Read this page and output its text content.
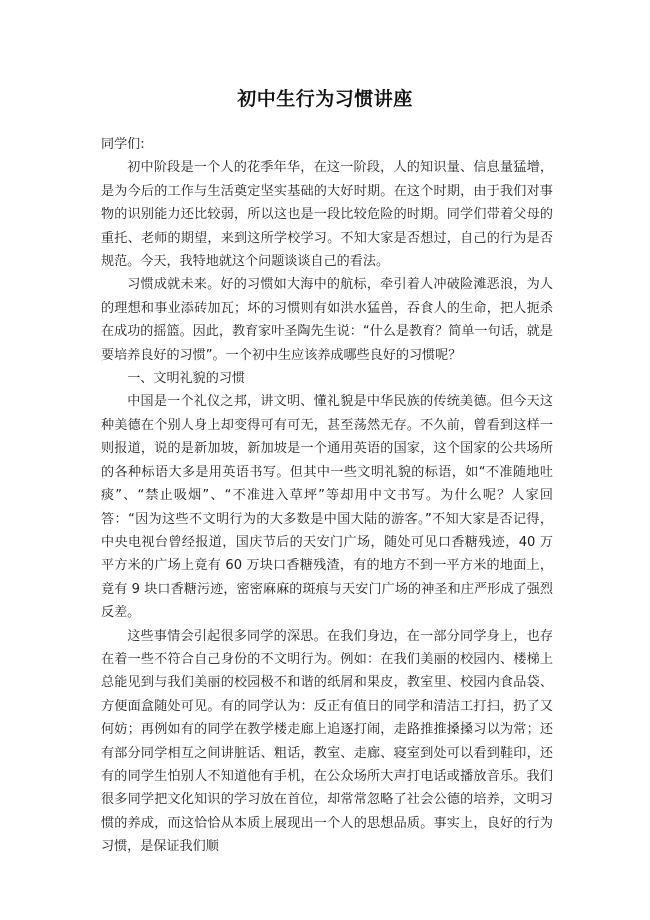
初中生行为习惯讲座

同学们:

初中阶段是一个人的花季年华，在这一阶段，人的知识量、信息量猛增，是为今后的工作与生活奠定坚实基础的大好时期。在这个时期，由于我们对事物的识别能力还比较弱，所以这也是一段比较危险的时期。同学们带着父母的重托、老师的期望，来到这所学校学习。不知大家是否想过，自己的行为是否规范。今天，我特地就这个问题谈谈自己的看法。

习惯成就未来。好的习惯如大海中的航标，牵引着人冲破险滩恶浪，为人的理想和事业添砖加瓦；坏的习惯则有如洪水猛兽，吞食人的生命，把人扼杀在成功的摇篮。因此，教育家叶圣陶先生说：“什么是教育？简单一句话，就是要培养良好的习惯”。一个初中生应该养成哪些良好的习惯呢？

一、文明礼貌的习惯

中国是一个礼仪之邦，讲文明、懂礼貌是中华民族的传统美德。但今天这种美德在个别人身上却变得可有可无，甚至荡然无存。不久前，曾看到这样一则报道，说的是新加坡，新加坡是一个通用英语的国家，这个国家的公共场所的各种标语大多是用英语书写。但其中一些文明礼貌的标语，如“不准随地吐痰”、“禁止吸烟”、“不准进入草坪”等却用中文书写。为什么呢？人家回答：“因为这些不文明行为的大多数是中国大陆的游客。”不知大家是否记得，中央电视台曾经报道，国庆节后的天安门广场，随处可见口香糖残迹，40 万平方米的广场上竟有 60 万块口香糖残渣，有的地方不到一平方米的地面上，竟有 9 块口香糖污迹，密密麻麻的斑痕与天安门广场的神圣和庄严形成了强烈反差。

这些事情会引起很多同学的深思。在我们身边，在一部分同学身上，也存在着一些不符合自己身份的不文明行为。例如：在我们美丽的校园内、楼梯上总能见到与我们美丽的校园极不和谐的纸屑和果皮，教室里、校园内食品袋、方便面盒随处可见。有的同学认为：反正有值日的同学和清洁工打扫，扔了又何妨；再例如有的同学在教学楼走廊上追逐打闹，走路推推搡搡习以为常；还有部分同学相互之间讲脏话、粗话，教室、走廊、寝室到处可以看到鞋印，还有的同学生怕别人不知道他有手机，在公众场所大声打电话或播放音乐。我们很多同学把文化知识的学习放在首位，却常常忽略了社会公德的培养，文明习惯的养成，而这恰恰从本质上展现出一个人的思想品质。事实上，良好的行为习惯，是保证我们顺
